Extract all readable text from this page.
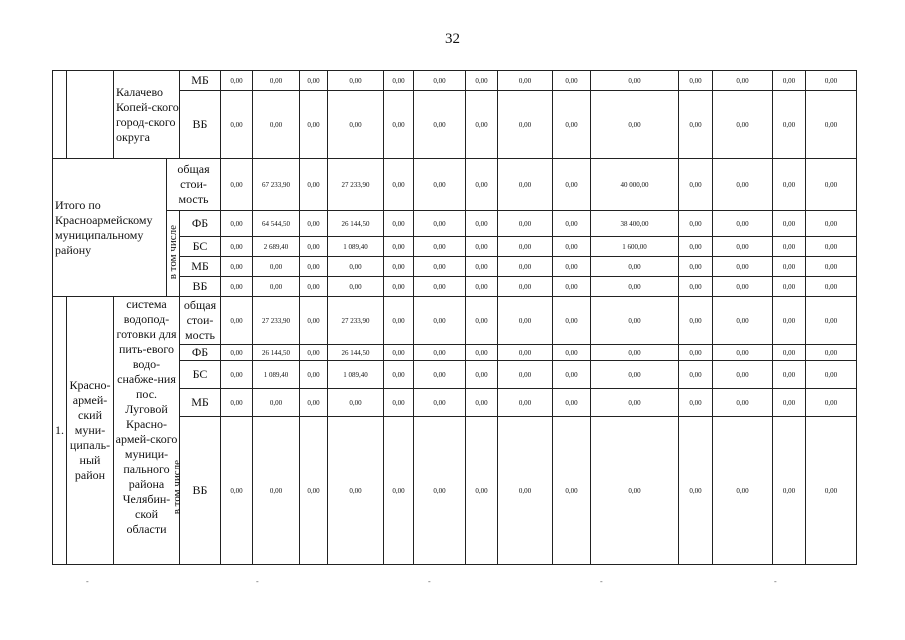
32
		Калачево Копей-ского город-ского округа		МБ	0,00	0,00	0,00	0,00	0,00	0,00	0,00	0,00	0,00	0,00	0,00	0,00	0,00	0,00
				ВБ	0,00	0,00	0,00	0,00	0,00	0,00	0,00	0,00	0,00	0,00	0,00	0,00	0,00	0,00
Итого по Красноармейскому муниципальному району			общая стои-мость		0,00	67 233,90	0,00	27 233,90	0,00	0,00	0,00	0,00	0,00	40 000,00	0,00	0,00	0,00	0,00
			в том числе	ФБ	0,00	64 544,50	0,00	26 144,50	0,00	0,00	0,00	0,00	0,00	38 400,00	0,00	0,00	0,00	0,00
				БС	0,00	2 689,40	0,00	1 089,40	0,00	0,00	0,00	0,00	0,00	1 600,00	0,00	0,00	0,00	0,00
				МБ	0,00	0,00	0,00	0,00	0,00	0,00	0,00	0,00	0,00	0,00	0,00	0,00	0,00	0,00
				ВБ	0,00	0,00	0,00	0,00	0,00	0,00	0,00	0,00	0,00	0,00	0,00	0,00	0,00	0,00
1.	Красно-армей-ский муни-ципаль-ный район	система водопод-готовки для пить-евого водо-снабже-ния пос. Луговой Красно-армей-ского муници-пального района Челябин-ской области		общая стои-мость	0,00	27 233,90	0,00	27 233,90	0,00	0,00	0,00	0,00	0,00	0,00	0,00	0,00	0,00	0,00
				ФБ	0,00	26 144,50	0,00	26 144,50	0,00	0,00	0,00	0,00	0,00	0,00	0,00	0,00	0,00	0,00
				БС	0,00	1 089,40	0,00	1 089,40	0,00	0,00	0,00	0,00	0,00	0,00	0,00	0,00	0,00	0,00
				МБ	0,00	0,00	0,00	0,00	0,00	0,00	0,00	0,00	0,00	0,00	0,00	0,00	0,00	0,00
				ВБ	0,00	0,00	0,00	0,00	0,00	0,00	0,00	0,00	0,00	0,00	0,00	0,00	0,00	0,00
в том числе
-	-	-	-	-
